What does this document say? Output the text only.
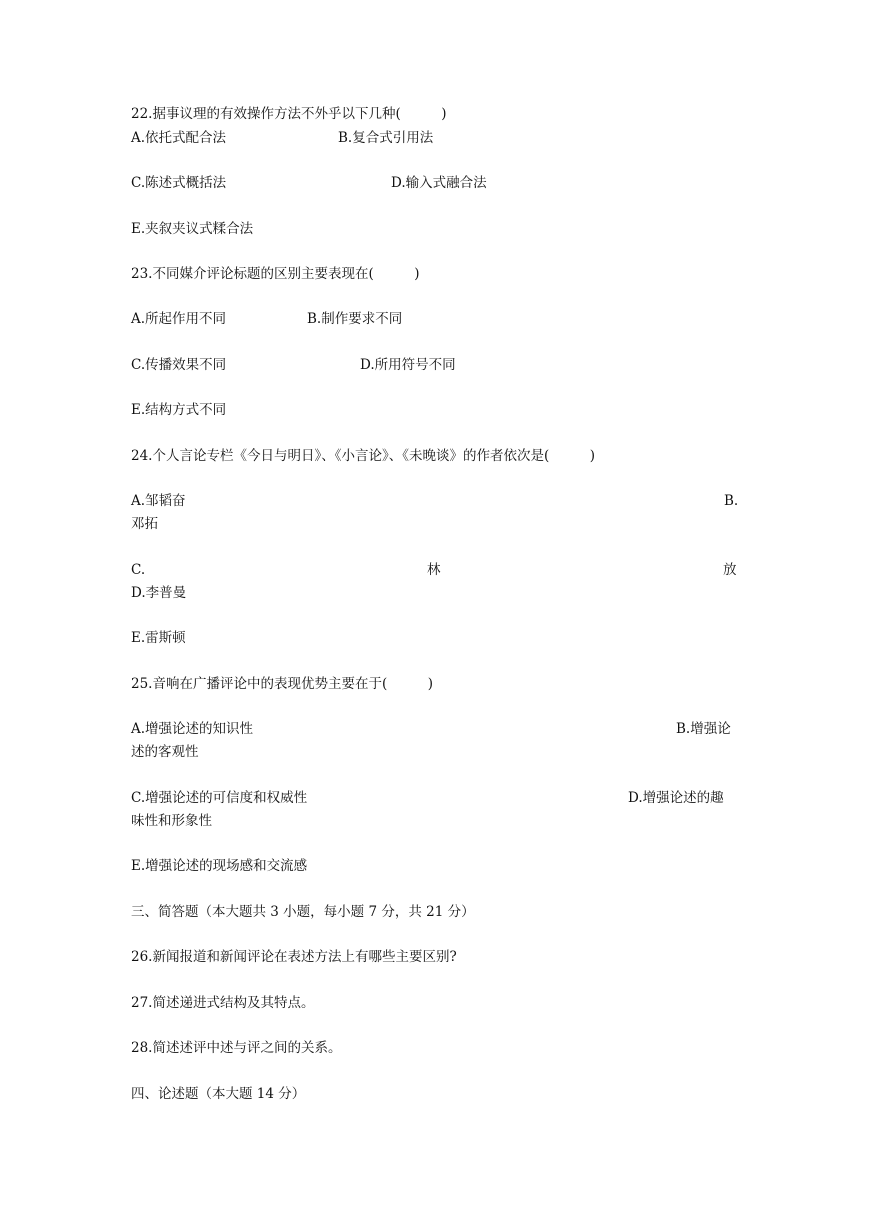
22.据事议理的有效操作方法不外乎以下几种(　　　)
A.依托式配合法	B.复合式引用法
C.陈述式概括法	D.输入式融合法
E.夹叙夹议式糅合法
23.不同媒介评论标题的区别主要表现在(　　　)
A.所起作用不同	B.制作要求不同
C.传播效果不同	D.所用符号不同
E.结构方式不同
24.个人言论专栏《今日与明日》、《小言论》、《未晚谈》的作者依次是(　　　)
A.邹韬奋	B.
邓拓
C.	林	放
D.李普曼
E.雷斯顿
25.音响在广播评论中的表现优势主要在于(　　　)
A.增强论述的知识性	B.增强论
述的客观性
C.增强论述的可信度和权威性	D.增强论述的趣
味性和形象性
E.增强论述的现场感和交流感
三、简答题（本大题共 3 小题，每小题 7 分，共 21 分）
26.新闻报道和新闻评论在表述方法上有哪些主要区别?
27.简述递进式结构及其特点。
28.简述述评中述与评之间的关系。
四、论述题（本大题 14 分）
